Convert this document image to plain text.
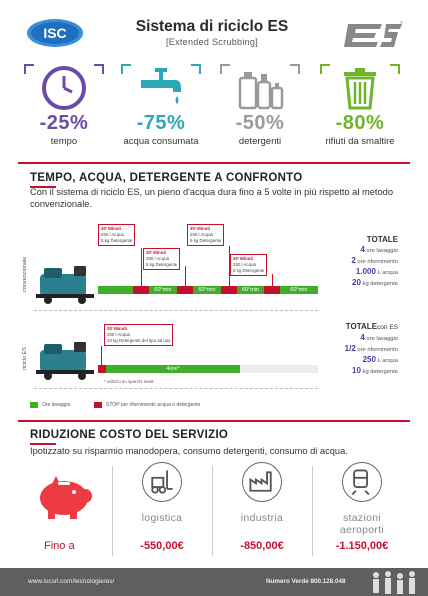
ISC	Sistema di riciclo ES
[Extended Scrubbing]
®
-25%
tempo
-75%
acqua consumata
-50%
detergenti
-80%
rifiuti da smaltire
TEMPO, ACQUA, DETERGENTE A CONFRONTO
Con il sistema di riciclo ES, un pieno d'acqua dura fino a 5 volte in più rispetto al metodo convenzionale.
convenzionale	60°min	60°min	60°min	60°min
30' Minuti
250 l Acqua
5 kg Detergente
30' Minuti
250 l Acqua
5 kg Detergente
30' Minuti
250 l Acqua
5 kg Detergente
30' Minuti
250 l Acqua
5 kg Detergente
TOTALE
4 ore lavaggio
2 ore rifornimento
1.000 L acqua
20 kg detergente
riciclo ES	4ore*
30' Minuti
250 l Acqua
10 kg Detergente del tipo ad uso
* utilizzo su sporchi medi
TOTALEcon ES
4 ore lavaggio
1/2 ore rifornimento
250 L acqua
10 kg detergente
Ore lavaggio	STOP per rifornimento acqua e detergente
RIDUZIONE COSTO DEL SERVIZIO
Ipotizzato su risparmio manodopera, consumo detergenti, consumo di acqua.
Fino a
logistica
-550,00€
industria
-850,00€
stazioni
aeroporti
-1.150,00€
www.iscsrl.com/tecnologie/es/	Numero Verde 800.128.048
